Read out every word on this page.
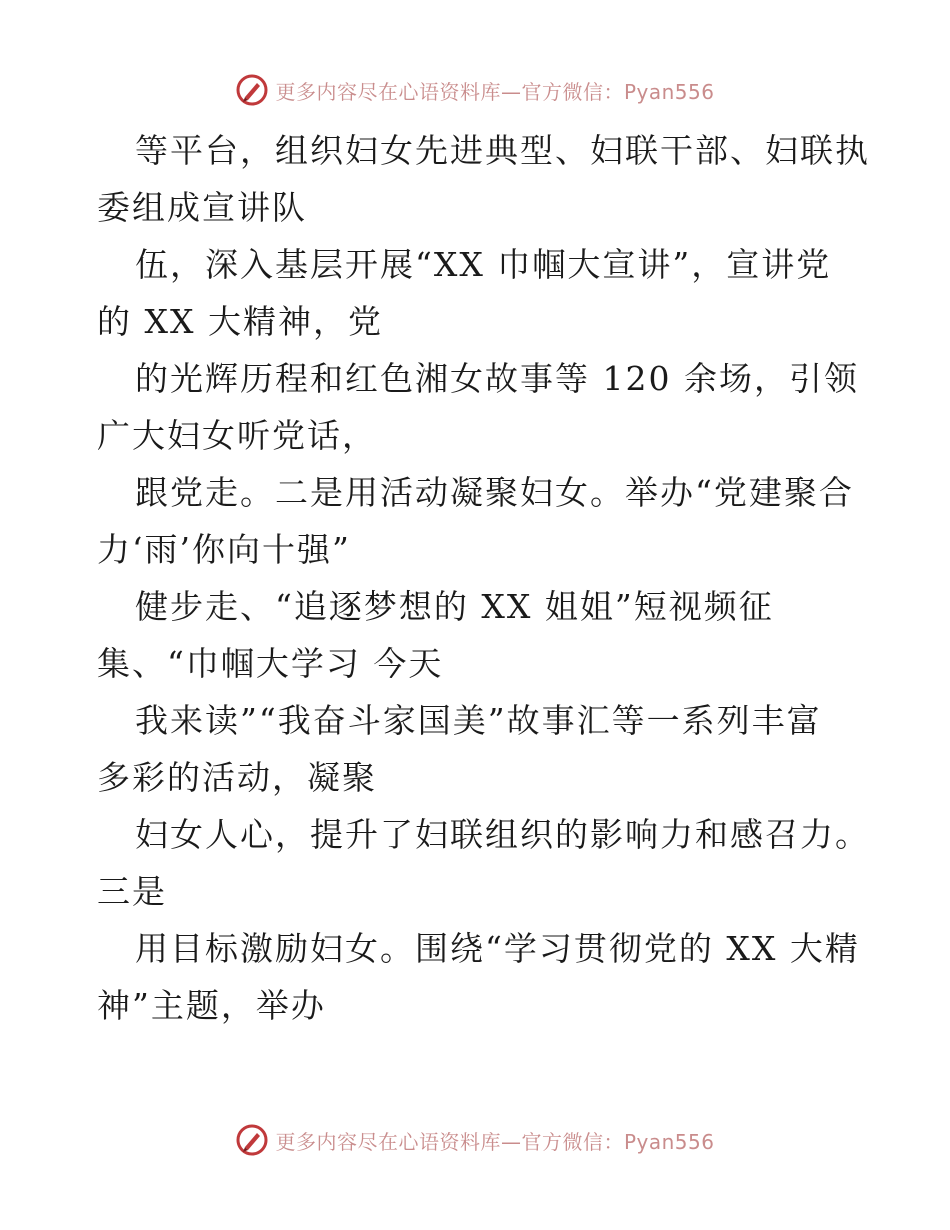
更多内容尽在心语资料库—官方微信：Pyan556
等平台，组织妇女先进典型、妇联干部、妇联执
委组成宣讲队
伍，深入基层开展“XX 巾帼大宣讲”，宣讲党
的 XX 大精神，党
的光辉历程和红色湘女故事等 120 余场，引领
广大妇女听党话，
跟党走。二是用活动凝聚妇女。举办“党建聚合
力‘雨’你向十强”
健步走、“追逐梦想的 XX 姐姐”短视频征
集、“巾帼大学习 今天
我来读”“我奋斗家国美”故事汇等一系列丰富
多彩的活动，凝聚
妇女人心，提升了妇联组织的影响力和感召力。
三是
用目标激励妇女。围绕“学习贯彻党的 XX 大精
神”主题，举办
更多内容尽在心语资料库—官方微信：Pyan556
